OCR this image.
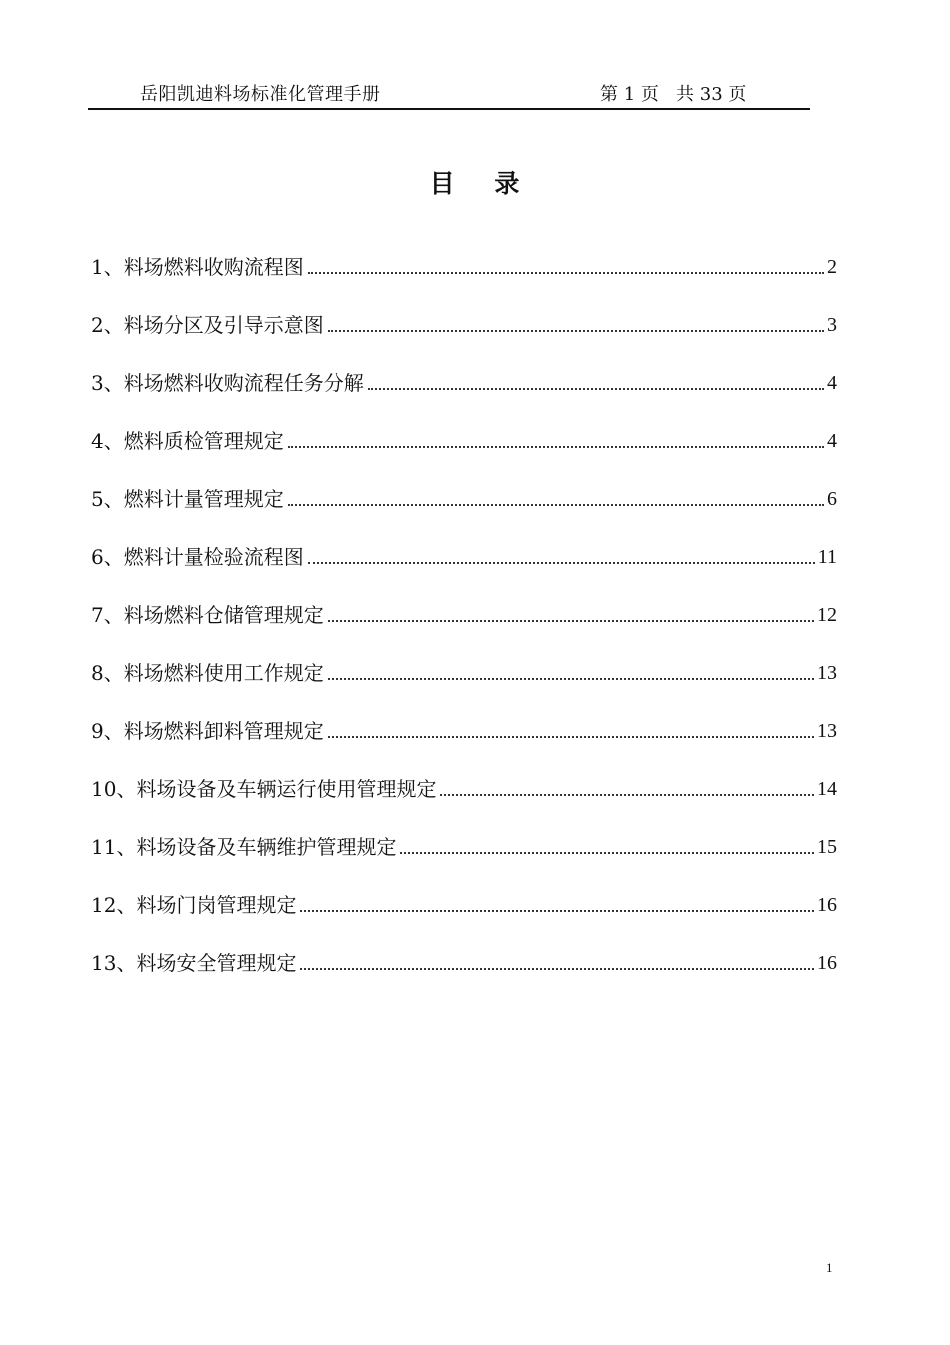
岳阳凯迪料场标准化管理手册	第 1 页   共 33 页
目    录
1、料场燃料收购流程图	2
2、料场分区及引导示意图	3
3、料场燃料收购流程任务分解	4
4、燃料质检管理规定	4
5、燃料计量管理规定	6
6、燃料计量检验流程图	11
7、料场燃料仓储管理规定	12
8、料场燃料使用工作规定	13
9、料场燃料卸料管理规定	13
10、料场设备及车辆运行使用管理规定	14
11、料场设备及车辆维护管理规定	15
12、料场门岗管理规定	16
13、料场安全管理规定	16
1
